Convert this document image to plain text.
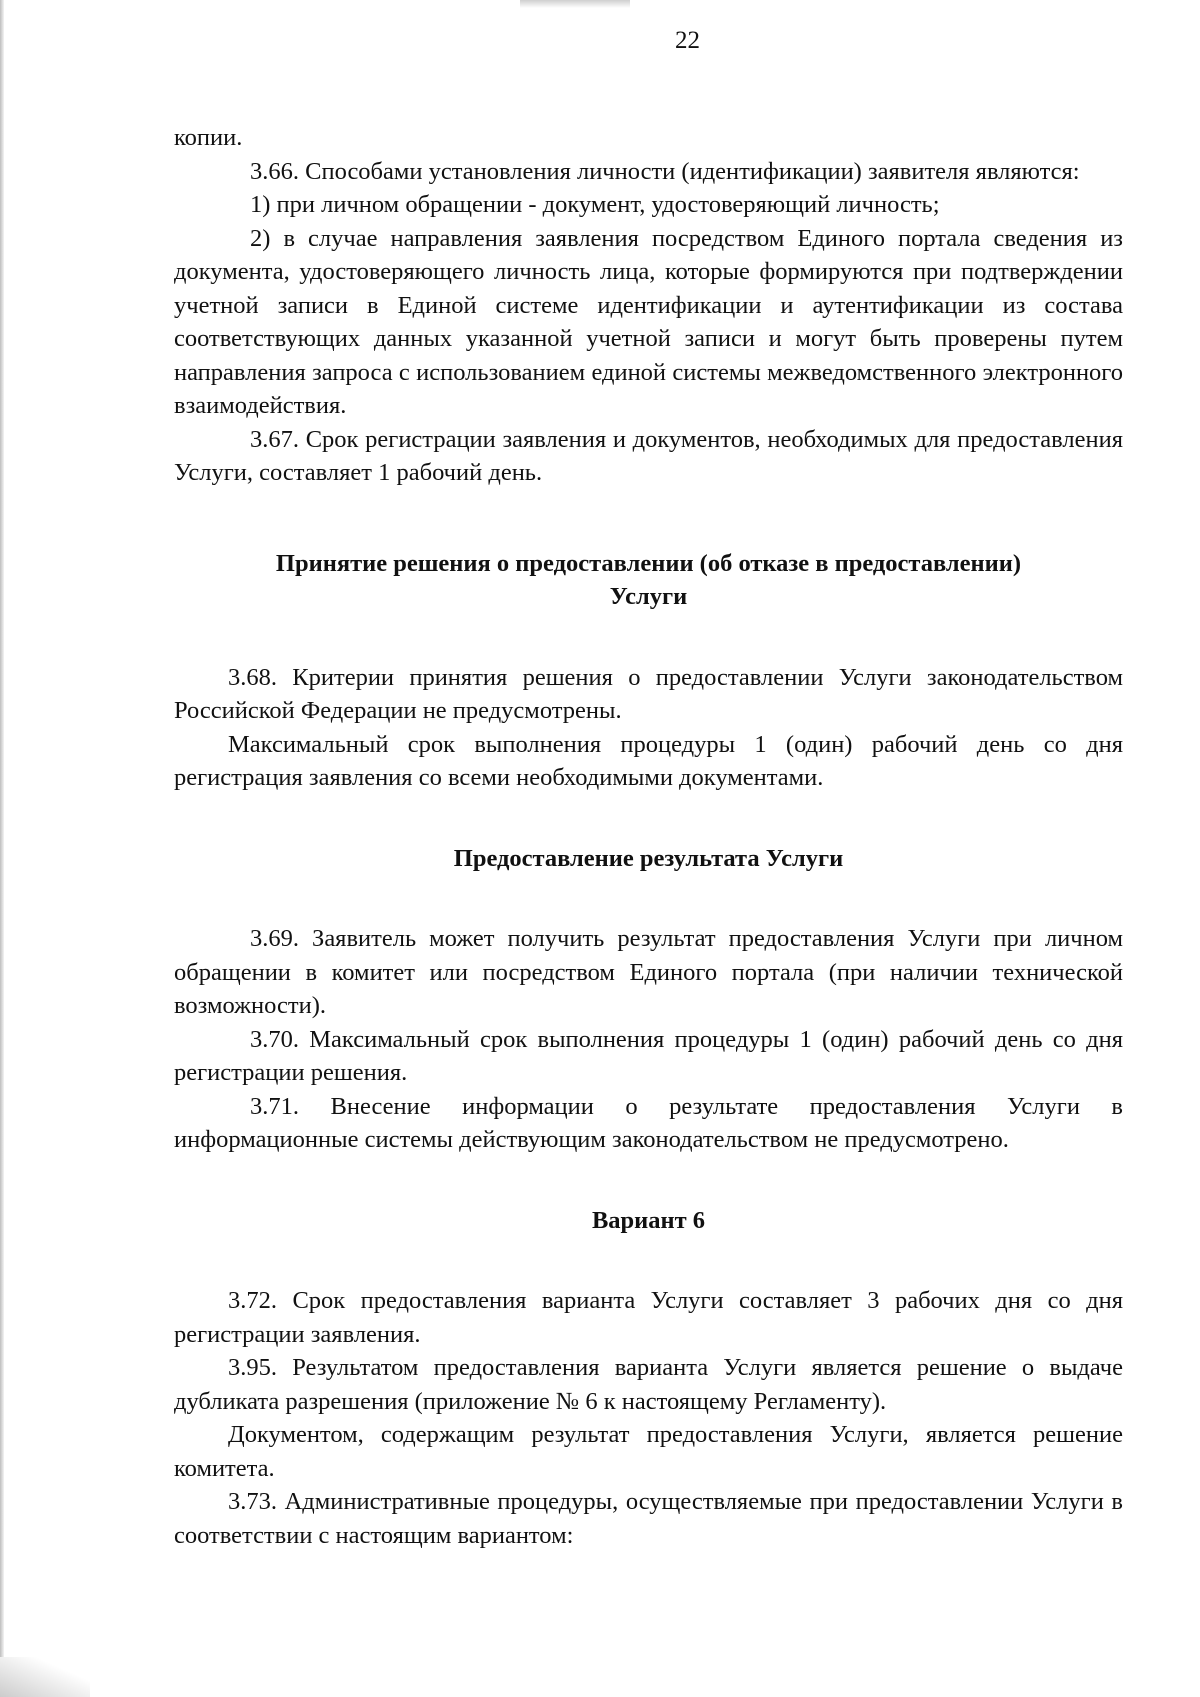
22

копии.

3.66. Способами установления личности (идентификации) заявителя являются:

1) при личном обращении - документ, удостоверяющий личность;

2) в случае направления заявления посредством Единого портала сведения из документа, удостоверяющего личность лица, которые формируются при подтверждении учетной записи в Единой системе идентификации и аутентификации из состава соответствующих данных указанной учетной записи и могут быть проверены путем направления запроса с использованием единой системы межведомственного электронного взаимодействия.

3.67. Срок регистрации заявления и документов, необходимых для предоставления Услуги, составляет 1 рабочий день.

Принятие решения о предоставлении (об отказе в предоставлении)

Услуги

3.68. Критерии принятия решения о предоставлении Услуги законодательством Российской Федерации не предусмотрены.

Максимальный срок выполнения процедуры 1 (один) рабочий день со дня регистрация заявления со всеми необходимыми документами.

Предоставление результата Услуги

3.69. Заявитель может получить результат предоставления Услуги при личном обращении в комитет или посредством Единого портала (при наличии технической возможности).

3.70. Максимальный срок выполнения процедуры 1 (один) рабочий день со дня регистрации решения.

3.71. Внесение информации о результате предоставления Услуги в информационные системы действующим законодательством не предусмотрено.

Вариант 6

3.72. Срок предоставления варианта Услуги составляет 3 рабочих дня со дня регистрации заявления.

3.95. Результатом предоставления варианта Услуги является решение о выдаче дубликата разрешения (приложение № 6 к настоящему Регламенту).

Документом, содержащим результат предоставления Услуги, является решение комитета.

3.73. Административные процедуры, осуществляемые при предоставлении Услуги в соответствии с настоящим вариантом:
